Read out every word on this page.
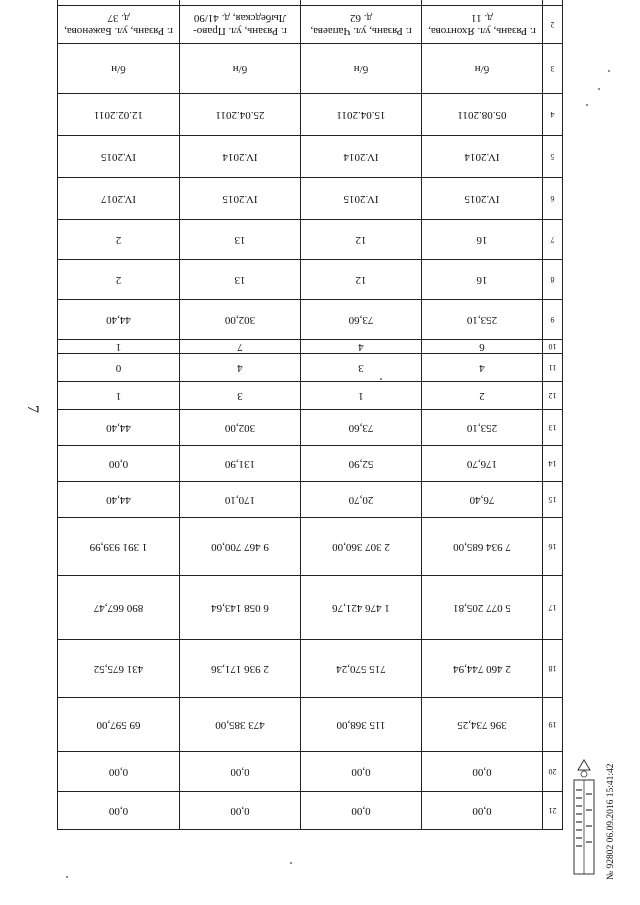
7
21	0,00	0,00	0,00	0,00
20	0,00	0,00	0,00	0,00
19	396 734,25	115 368,00	473 385,00	69 597,00
18	2 460 744,94	715 570,24	2 936 171,36	431 675,52
17	5 077 205,81	1 476 421,76	6 058 143,64	890 667,47
16	7 934 685,00	2 307 360,00	9 467 700,00	1 391 939,99
15	76,40	20,70	170,10	44,40
14	176,70	52,90	131,90	0,00
13	253,10	73,60	302,00	44,40
12	2	1	3	1
11	4	3	4	0
10	6	4	7	1
9	253,10	73,60	302,00	44,40
8	16	12	13	2
7	16	12	13	2
6	IV.2015	IV.2015	IV.2015	IV.2017
5	IV.2014	IV.2014	IV.2014	IV.2015
4	05.08.2011	15.04.2011	25.04.2011	12.02.2011
3	б/н	б/н	б/н	б/н
2	г. Рязань, ул. Яхонтова, д. 11	г. Рязань, ул. Чапаева, д. 62	г. Рязань, ул. Право-Лыбедская, д. 41/90	г. Рязань, ул. Баженова, д. 37

№ 92802 06.09.2016 15:41:42
